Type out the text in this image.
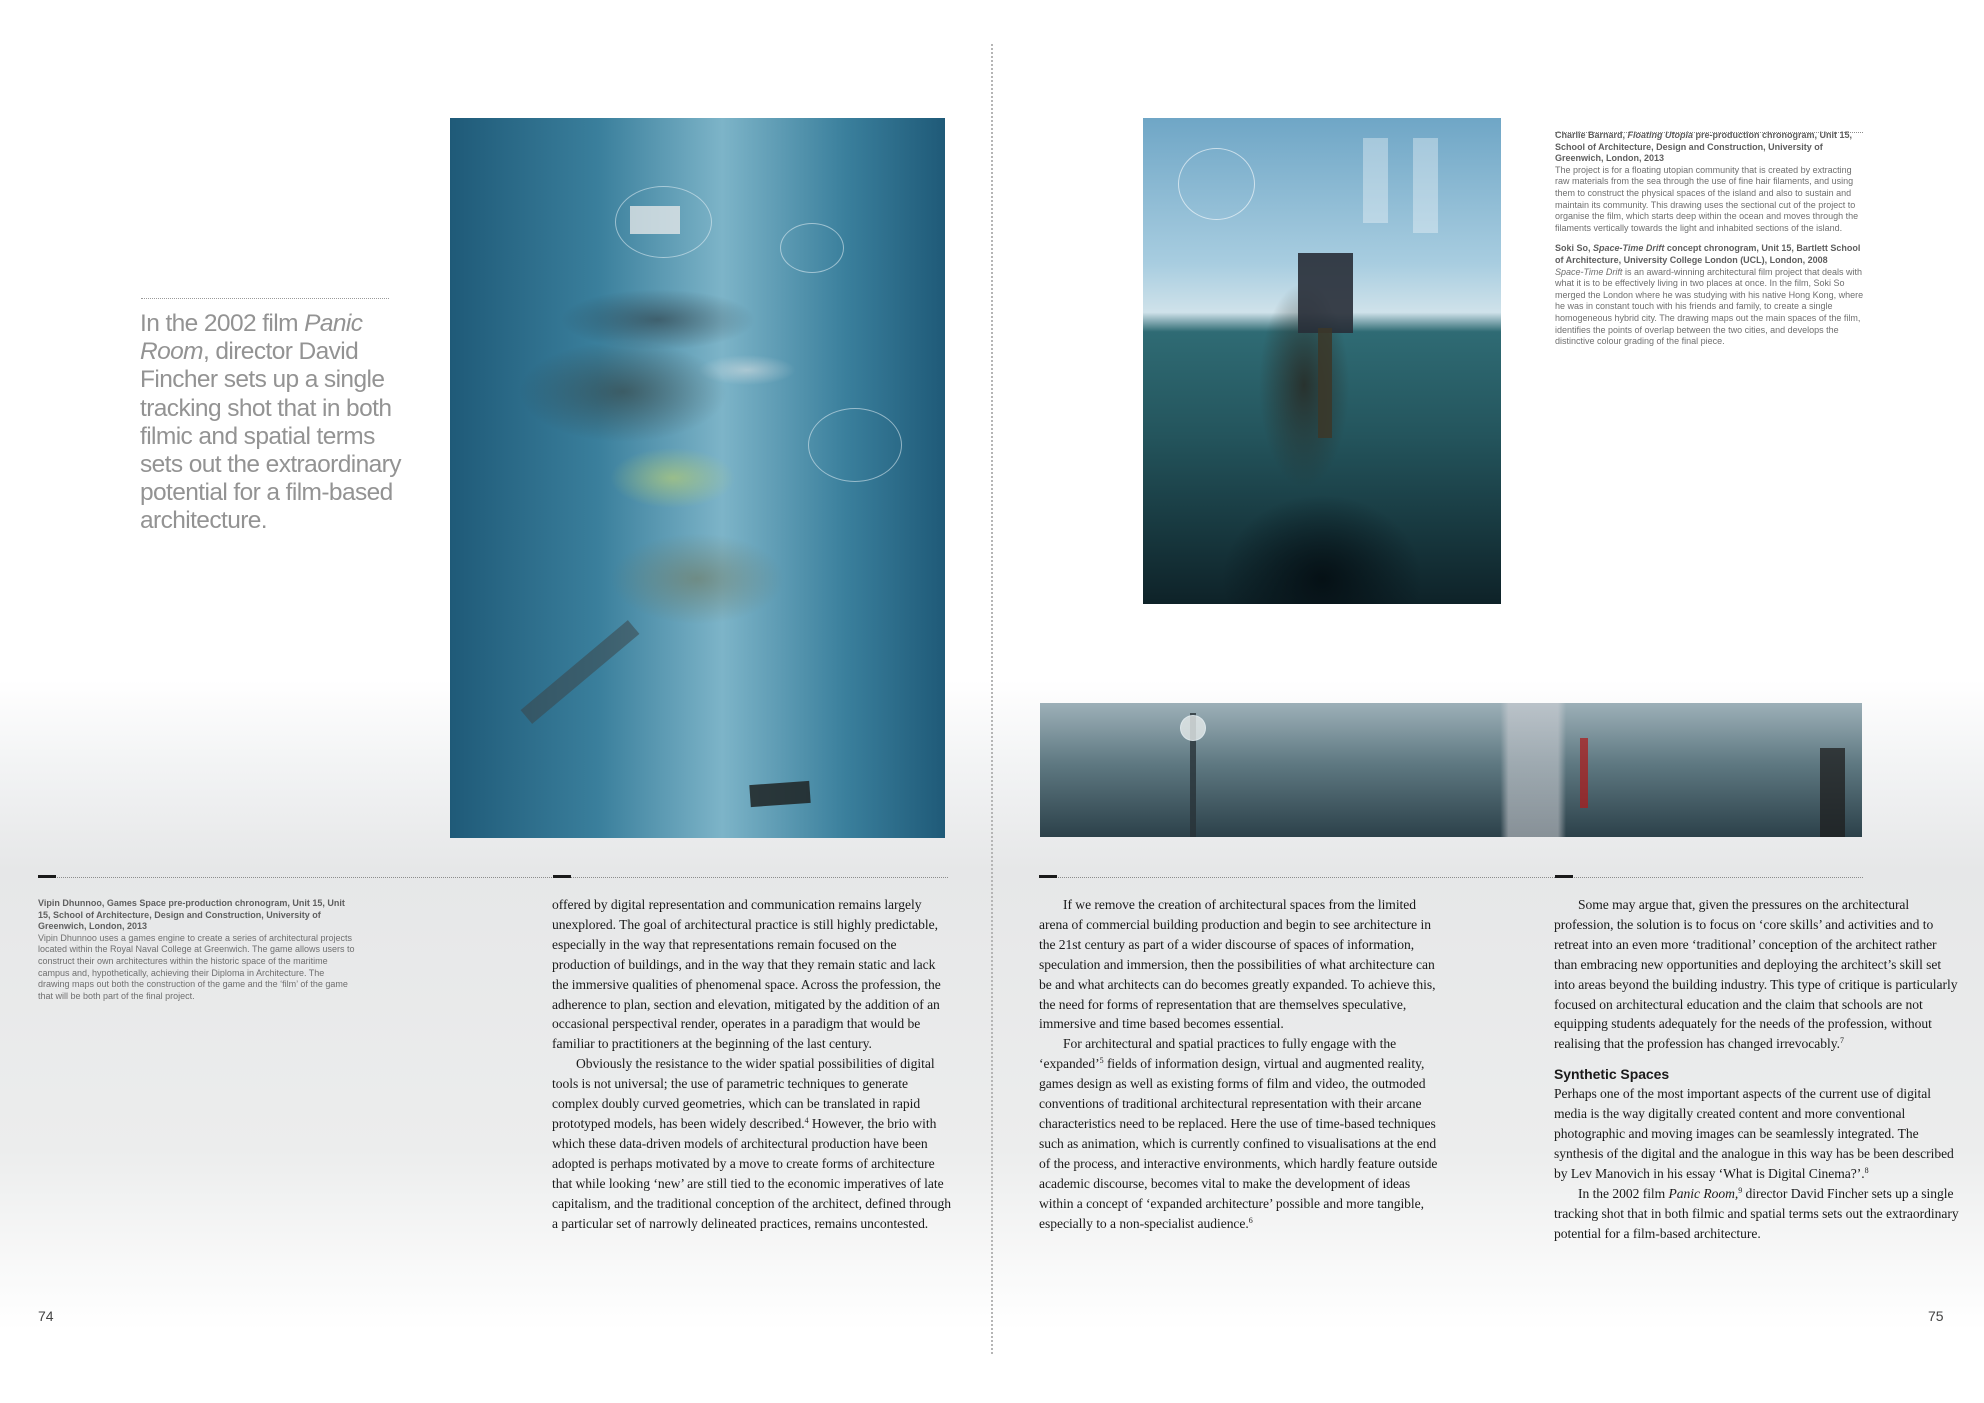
In the 2002 film Panic Room, director David Fincher sets up a single tracking shot that in both filmic and spatial terms sets out the extraordinary potential for a film-based architecture.
Vipin Dhunnoo, Games Space pre-production chronogram, Unit 15, Unit 15, School of Architecture, Design and Construction, University of Greenwich, London, 2013
Vipin Dhunnoo uses a games engine to create a series of architectural projects located within the Royal Naval College at Greenwich. The game allows users to construct their own architectures within the historic space of the maritime campus and, hypothetically, achieving their Diploma in Architecture. The drawing maps out both the construction of the game and the ‘film’ of the game that will be both part of the final project.

offered by digital representation and communication remains largely unexplored. The goal of architectural practice is still highly predictable, especially in the way that representations remain focused on the production of buildings, and in the way that they remain static and lack the immersive qualities of phenomenal space. Across the profession, the adherence to plan, section and elevation, mitigated by the addition of an occasional perspectival render, operates in a paradigm that would be familiar to practitioners at the beginning of the last century.

Obviously the resistance to the wider spatial possibilities of digital tools is not universal; the use of parametric techniques to generate complex doubly curved geometries, which can be translated in rapid prototyped models, has been widely described.$^4$ However, the brio with which these data-driven models of architectural production have been adopted is perhaps motivated by a move to create forms of architecture that while looking ‘new’ are still tied to the economic imperatives of late capitalism, and the traditional conception of the architect, defined through a particular set of narrowly delineated practices, remains uncontested.

74
Charlie Barnard, Floating Utopia pre-production chronogram, Unit 15, School of Architecture, Design and Construction, University of Greenwich, London, 2013
The project is for a floating utopian community that is created by extracting raw materials from the sea through the use of fine hair filaments, and using them to construct the physical spaces of the island and also to sustain and maintain its community. This drawing uses the sectional cut of the project to organise the film, which starts deep within the ocean and moves through the filaments vertically towards the light and inhabited sections of the island.
Soki So, Space-Time Drift concept chronogram, Unit 15, Bartlett School of Architecture, University College London (UCL), London, 2008
Space-Time Drift is an award-winning architectural film project that deals with what it is to be effectively living in two places at once. In the film, Soki So merged the London where he was studying with his native Hong Kong, where he was in constant touch with his friends and family, to create a single homogeneous hybrid city. The drawing maps out the main spaces of the film, identifies the points of overlap between the two cities, and develops the distinctive colour grading of the final piece.

If we remove the creation of architectural spaces from the limited arena of commercial building production and begin to see architecture in the 21st century as part of a wider discourse of spaces of information, speculation and immersion, then the possibilities of what architecture can be and what architects can do becomes greatly expanded. To achieve this, the need for forms of representation that are themselves speculative, immersive and time based becomes essential.

For architectural and spatial practices to fully engage with the ‘expanded’$^5$ fields of information design, virtual and augmented reality, games design as well as existing forms of film and video, the outmoded conventions of traditional architectural representation with their arcane characteristics need to be replaced. Here the use of time-based techniques such as animation, which is currently confined to visualisations at the end of the process, and interactive environments, which hardly feature outside academic discourse, becomes vital to make the development of ideas within a concept of ‘expanded architecture’ possible and more tangible, especially to a non-specialist audience.$^6$

Some may argue that, given the pressures on the architectural profession, the solution is to focus on ‘core skills’ and activities and to retreat into an even more ‘traditional’ conception of the architect rather than embracing new opportunities and deploying the architect’s skill set into areas beyond the building industry. This type of critique is particularly focused on architectural education and the claim that schools are not equipping students adequately for the needs of the profession, without realising that the profession has changed irrevocably.$^7$

Synthetic Spaces

Perhaps one of the most important aspects of the current use of digital media is the way digitally created content and more conventional photographic and moving images can be seamlessly integrated. The synthesis of the digital and the analogue in this way has be been described by Lev Manovich in his essay ‘What is Digital Cinema?’.$^8$

In the 2002 film Panic Room,$^9$ director David Fincher sets up a single tracking shot that in both filmic and spatial terms sets out the extraordinary potential for a film-based architecture.

75
